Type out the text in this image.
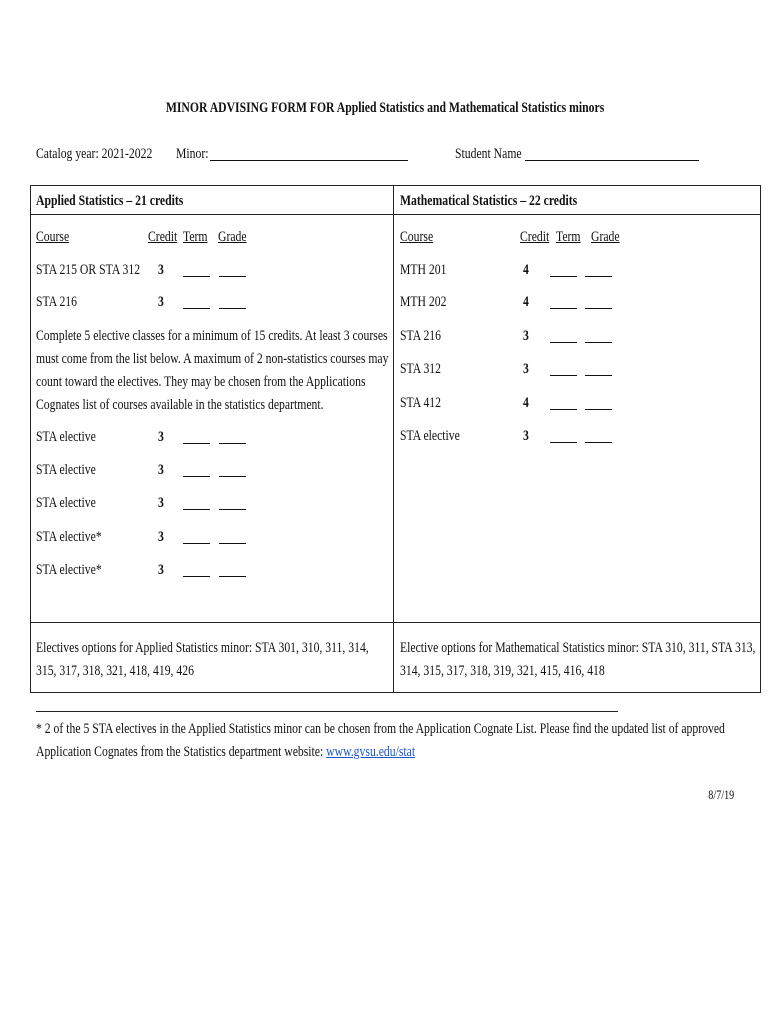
MINOR ADVISING FORM FOR Applied Statistics and Mathematical Statistics minors
Catalog year: 2021-2022	Minor:	Student Name
Applied Statistics – 21 credits
Course	Credit Term Grade
STA 215 OR STA 312	3
STA 216	3
Complete 5 elective classes for a minimum of 15 credits. At least 3 courses
must come from the list below. A maximum of 2 non-statistics courses may
count toward the electives. They may be chosen from the Applications
Cognates list of courses available in the statistics department.
STA elective	3
STA elective	3
STA elective	3
STA elective*	3
STA elective*	3
Electives options for Applied Statistics minor: STA 301, 310, 311, 314,
315, 317, 318, 321, 418, 419, 426
Mathematical Statistics – 22 credits
Course	Credit Term Grade
MTH 201	4
MTH 202	4
STA 216	3
STA 312	3
STA 412	4
STA elective	3
Elective options for Mathematical Statistics minor: STA 310, 311, STA 313,
314, 315, 317, 318, 319, 321, 415, 416, 418
* 2 of the 5 STA electives in the Applied Statistics minor can be chosen from the Application Cognate List. Please find the updated list of approved
Application Cognates from the Statistics department website: www.gvsu.edu/stat
8/7/19
